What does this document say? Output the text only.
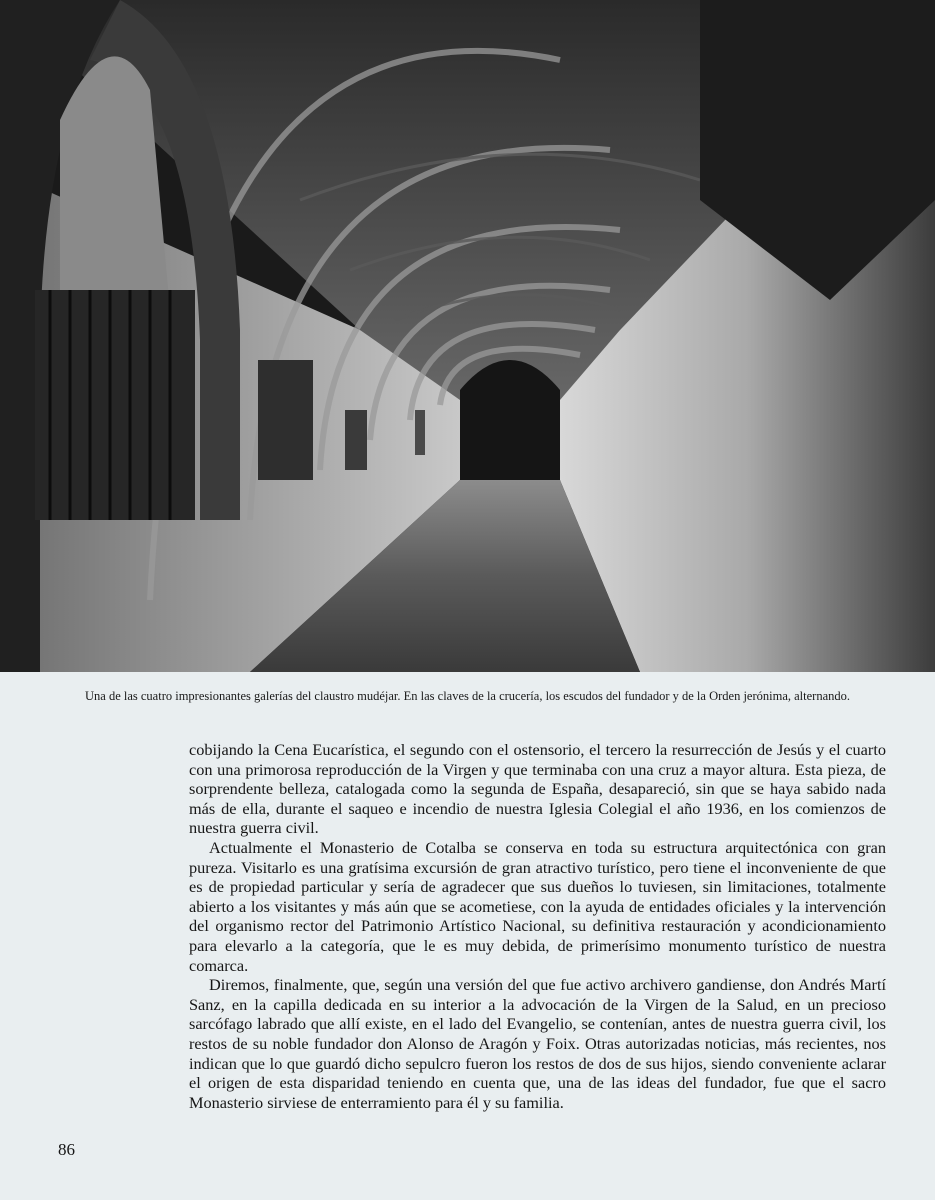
Una de las cuatro impresionantes galerías del claustro mudéjar. En las claves de la crucería, los escudos del fundador y de la Orden jerónima, alternando.

cobijando la Cena Eucarística, el segundo con el ostensorio, el tercero la resurrección de Jesús y el cuarto con una primorosa reproducción de la Virgen y que terminaba con una cruz a mayor altura. Esta pieza, de sorprendente belleza, catalogada como la segunda de España, desapareció, sin que se haya sabido nada más de ella, durante el saqueo e incendio de nuestra Iglesia Colegial el año 1936, en los comienzos de nuestra guerra civil.

Actualmente el Monasterio de Cotalba se conserva en toda su estructura arquitectónica con gran pureza. Visitarlo es una gratísima excursión de gran atractivo turístico, pero tiene el inconveniente de que es de propiedad particular y sería de agradecer que sus dueños lo tuviesen, sin limitaciones, totalmente abierto a los visitantes y más aún que se acometiese, con la ayuda de entidades oficiales y la intervención del organismo rector del Patrimonio Artístico Nacional, su definitiva restauración y acondicionamiento para elevarlo a la categoría, que le es muy debida, de primerísimo monumento turístico de nuestra comarca.

Diremos, finalmente, que, según una versión del que fue activo archivero gandiense, don Andrés Martí Sanz, en la capilla dedicada en su interior a la advocación de la Virgen de la Salud, en un precioso sarcófago labrado que allí existe, en el lado del Evangelio, se contenían, antes de nuestra guerra civil, los restos de su noble fundador don Alonso de Aragón y Foix. Otras autorizadas noticias, más recientes, nos indican que lo que guardó dicho sepulcro fueron los restos de dos de sus hijos, siendo conveniente aclarar el origen de esta disparidad teniendo en cuenta que, una de las ideas del fundador, fue que el sacro Monasterio sirviese de enterramiento para él y su familia.

86
